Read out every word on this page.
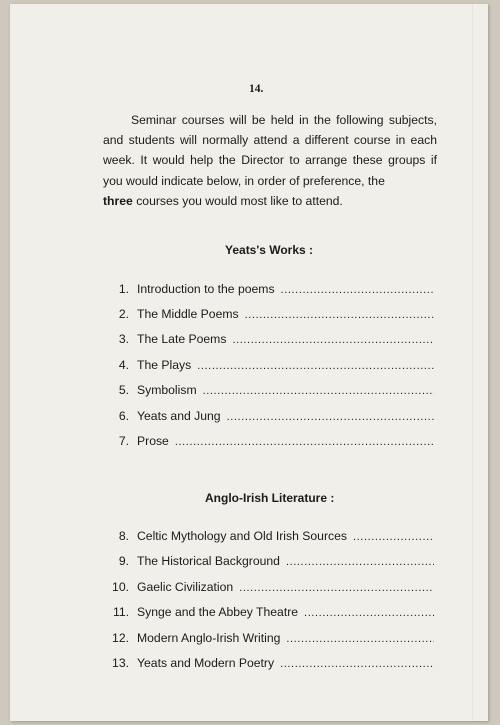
14.
Seminar courses will be held in the following subjects, and students will normally attend a different course in each week. It would help the Director to arrange these groups if you would indicate below, in order of preference, the
three courses you would most like to attend.
Yeats's Works :
1. Introduction to the poems
.....
2. The Middle Poems
.....
3. The Late Poems
.....
4. The Plays
.....
5. Symbolism
.....
6. Yeats and Jung
.....
7. Prose
.....
Anglo-Irish Literature :
8. Celtic Mythology and Old Irish Sources
.....
9. The Historical Background
.....
10. Gaelic Civilization
.....
11. Synge and the Abbey Theatre
.....
12. Modern Anglo-Irish Writing
.....
13. Yeats and Modern Poetry
.....
